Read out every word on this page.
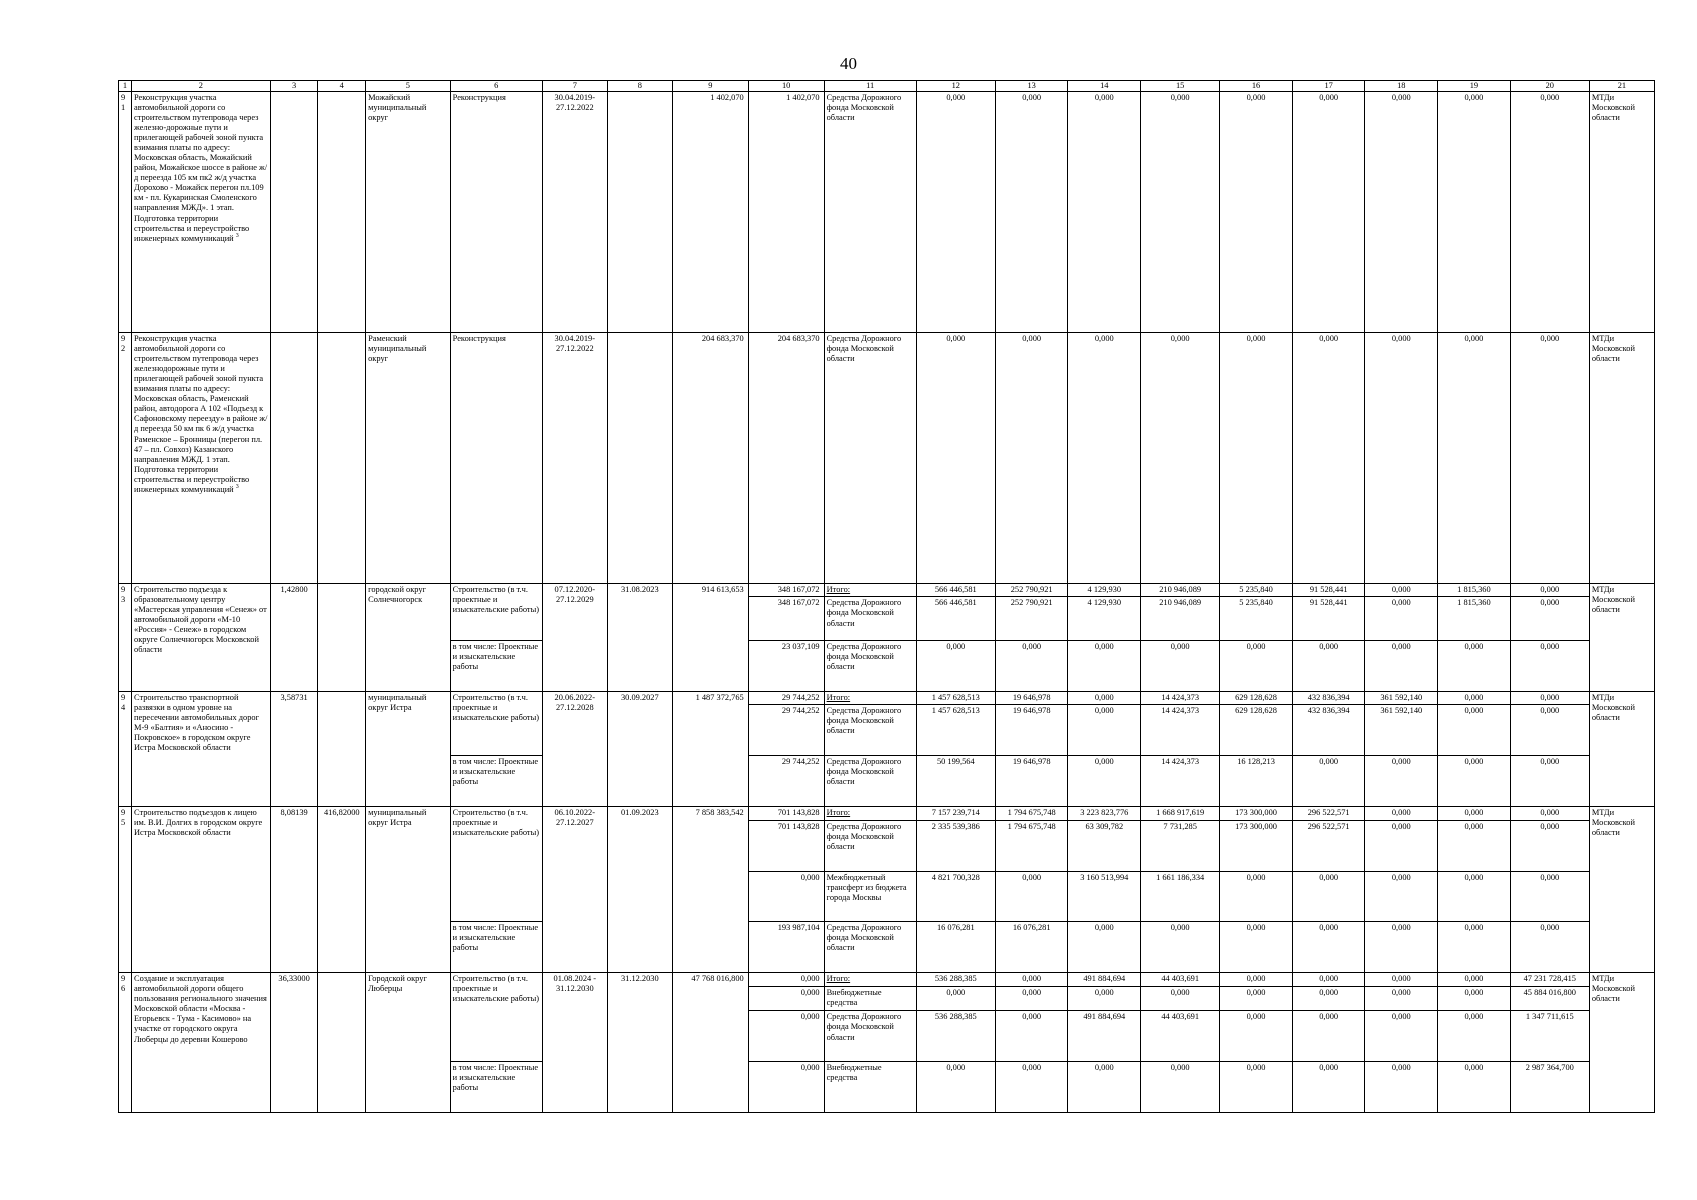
40
1	2	3	4	5	6	7	8	9	10	11	12	13	14	15	16	17	18	19	20	21
91	Реконструкция участка автомобильной дороги со строительством путепровода через железно-дорожные пути и прилегающей рабочей зоной пункта взимания платы по адресу: Московская область, Можайский район, Можайское шоссе в районе ж/д переезда 105 км пк2 ж/д участка Дорохово - Можайск перегон пл.109 км - пл. Кукаринская Смоленского направления МЖД». 1 этап. Подготовка территории строительства и переустройство инженерных коммуникаций $^3$			Можайский муниципальный округ	Реконструкция	30.04.2019-27.12.2022		1 402,070	1 402,070	Средства Дорожного фонда Московской области	0,000	0,000	0,000	0,000	0,000	0,000	0,000	0,000	0,000	МТДи Московской области
92	Реконструкция участка автомобильной дороги со строительством путепровода через железнодорожные пути и прилегающей рабочей зоной пункта взимания платы по адресу: Московская область, Раменский район, автодорога А 102 «Подъезд к Сафоновскому переезду» в районе ж/д переезда 50 км пк 6 ж/д участка Раменское – Бронницы (перегон пл. 47 – пл. Совхоз) Казанского направления МЖД. 1 этап. Подготовка территории строительства и переустройство инженерных коммуникаций $^3$			Раменский муниципальный округ	Реконструкция	30.04.2019-27.12.2022		204 683,370	204 683,370	Средства Дорожного фонда Московской области	0,000	0,000	0,000	0,000	0,000	0,000	0,000	0,000	0,000	МТДи Московской области
93	Строительство подъезда к образовательному центру «Мастерская управления «Сенеж» от автомобильной дороги «М-10 «Россия» - Сенеж» в городском округе Солнечногорск Московской области	1,42800		городской округ Солнечногорск	Строительство (в т.ч. проектные и изыскательские работы)	07.12.2020-27.12.2029	31.08.2023	914 613,653	348 167,072	Итого:	566 446,581	252 790,921	4 129,930	210 946,089	5 235,840	91 528,441	0,000	1 815,360	0,000	МТДи Московской области
									348 167,072	Средства Дорожного фонда Московской области	566 446,581	252 790,921	4 129,930	210 946,089	5 235,840	91 528,441	0,000	1 815,360	0,000	
					в том числе: Проектные и изыскательские работы				23 037,109	Средства Дорожного фонда Московской области	0,000	0,000	0,000	0,000	0,000	0,000	0,000	0,000	0,000	
94	Строительство транспортной развязки в одном уровне на пересечении автомобильных дорог М-9 «Балтия» и «Аносино - Покровское» в городском округе Истра Московской области	3,58731		муниципальный округ Истра	Строительство (в т.ч. проектные и изыскательские работы)	20.06.2022-27.12.2028	30.09.2027	1 487 372,765	29 744,252	Итого:	1 457 628,513	19 646,978	0,000	14 424,373	629 128,628	432 836,394	361 592,140	0,000	0,000	МТДи Московской области
									29 744,252	Средства Дорожного фонда Московской области	1 457 628,513	19 646,978	0,000	14 424,373	629 128,628	432 836,394	361 592,140	0,000	0,000	
					в том числе: Проектные и изыскательские работы				29 744,252	Средства Дорожного фонда Московской области	50 199,564	19 646,978	0,000	14 424,373	16 128,213	0,000	0,000	0,000	0,000	
95	Строительство подъездов к лицею им. В.И. Долгих в городском округе Истра Московской области	8,08139	416,82000	муниципальный округ Истра	Строительство (в т.ч. проектные и изыскательские работы)	06.10.2022-27.12.2027	01.09.2023	7 858 383,542	701 143,828	Итого:	7 157 239,714	1 794 675,748	3 223 823,776	1 668 917,619	173 300,000	296 522,571	0,000	0,000	0,000	МТДи Московской области
									701 143,828	Средства Дорожного фонда Московской области	2 335 539,386	1 794 675,748	63 309,782	7 731,285	173 300,000	296 522,571	0,000	0,000	0,000	
									0,000	Межбюджетный трансферт из бюджета города Москвы	4 821 700,328	0,000	3 160 513,994	1 661 186,334	0,000	0,000	0,000	0,000	0,000	
					в том числе: Проектные и изыскательские работы				193 987,104	Средства Дорожного фонда Московской области	16 076,281	16 076,281	0,000	0,000	0,000	0,000	0,000	0,000	0,000	
96	Создание и эксплуатация автомобильной дороги общего пользования регионального значения Московской области «Москва - Егорьевск - Тума - Касимово» на участке от городского округа Люберцы до деревни Кошерово	36,33000		Городской округ Люберцы	Строительство (в т.ч. проектные и изыскательские работы)	01.08.2024 - 31.12.2030	31.12.2030	47 768 016,800	0,000	Итого:	536 288,385	0,000	491 884,694	44 403,691	0,000	0,000	0,000	0,000	47 231 728,415	МТДи Московской области
									0,000	Внебюджетные средства	0,000	0,000	0,000	0,000	0,000	0,000	0,000	0,000	45 884 016,800	
									0,000	Средства Дорожного фонда Московской области	536 288,385	0,000	491 884,694	44 403,691	0,000	0,000	0,000	0,000	1 347 711,615	
					в том числе: Проектные и изыскательские работы				0,000	Внебюджетные средства	0,000	0,000	0,000	0,000	0,000	0,000	0,000	0,000	2 987 364,700	
